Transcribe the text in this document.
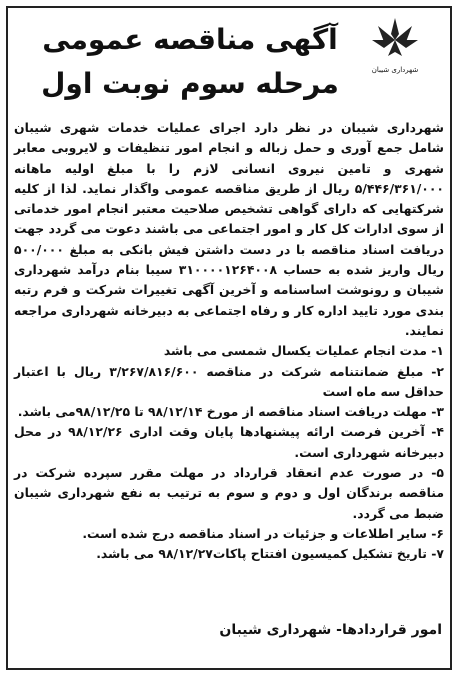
شهرداری شیبان
آگهی مناقصه عمومی
مرحله سوم نوبت اول

شهرداری شیبان در نظر دارد اجرای عملیات خدمات شهری شیبان شامل جمع آوری و حمل زباله و انجام امور تنظیفات و لایروبی معابر شهری و تامین نیروی انسانی لازم را با مبلغ اولیه ماهانه ۵/۴۴۶/۳۶۱/۰۰۰ ریال از طریق مناقصه عمومی واگذار نماید. لذا از کلیه شرکتهایی که دارای گواهی تشخیص صلاحیت معتبر انجام امور خدماتی از سوی ادارات کل کار و امور اجتماعی می باشند دعوت می گردد جهت دریافت اسناد مناقصه با در دست داشتن فیش بانکی به مبلغ ۵۰۰/۰۰۰ ریال واریز شده به حساب ۳۱۰۰۰۰۱۲۶۴۰۰۸ سیبا بنام درآمد شهرداری شیبان و رونوشت اساسنامه و آخرین آگهی تغییرات شرکت و فرم رتبه بندی مورد تایید اداره کار و رفاه اجتماعی به دبیرخانه شهرداری مراجعه نمایند.

۱- مدت انجام عملیات یکسال شمسی می باشد
۲- مبلغ ضمانتنامه شرکت در مناقصه ۳/۲۶۷/۸۱۶/۶۰۰ ریال با اعتبار حداقل سه ماه است
۳- مهلت دریافت اسناد مناقصه از مورخ ۹۸/۱۲/۱۴ تا ۹۸/۱۲/۲۵می باشد.
۴- آخرین فرصت ارائه پیشنهادها پایان وقت اداری ۹۸/۱۲/۲۶ در محل دبیرخانه شهرداری است.
۵- در صورت عدم انعقاد قرارداد در مهلت مقرر سپرده شرکت در مناقصه برندگان اول و دوم و سوم به ترتیب به نفع شهرداری شیبان ضبط می گردد.
۶- سایر اطلاعات و جزئیات در اسناد مناقصه درج شده است.
۷- تاریخ تشکیل کمیسیون افتتاح پاکات۹۸/۱۲/۲۷ می باشد.
امور قراردادها- شهرداری شیبان
